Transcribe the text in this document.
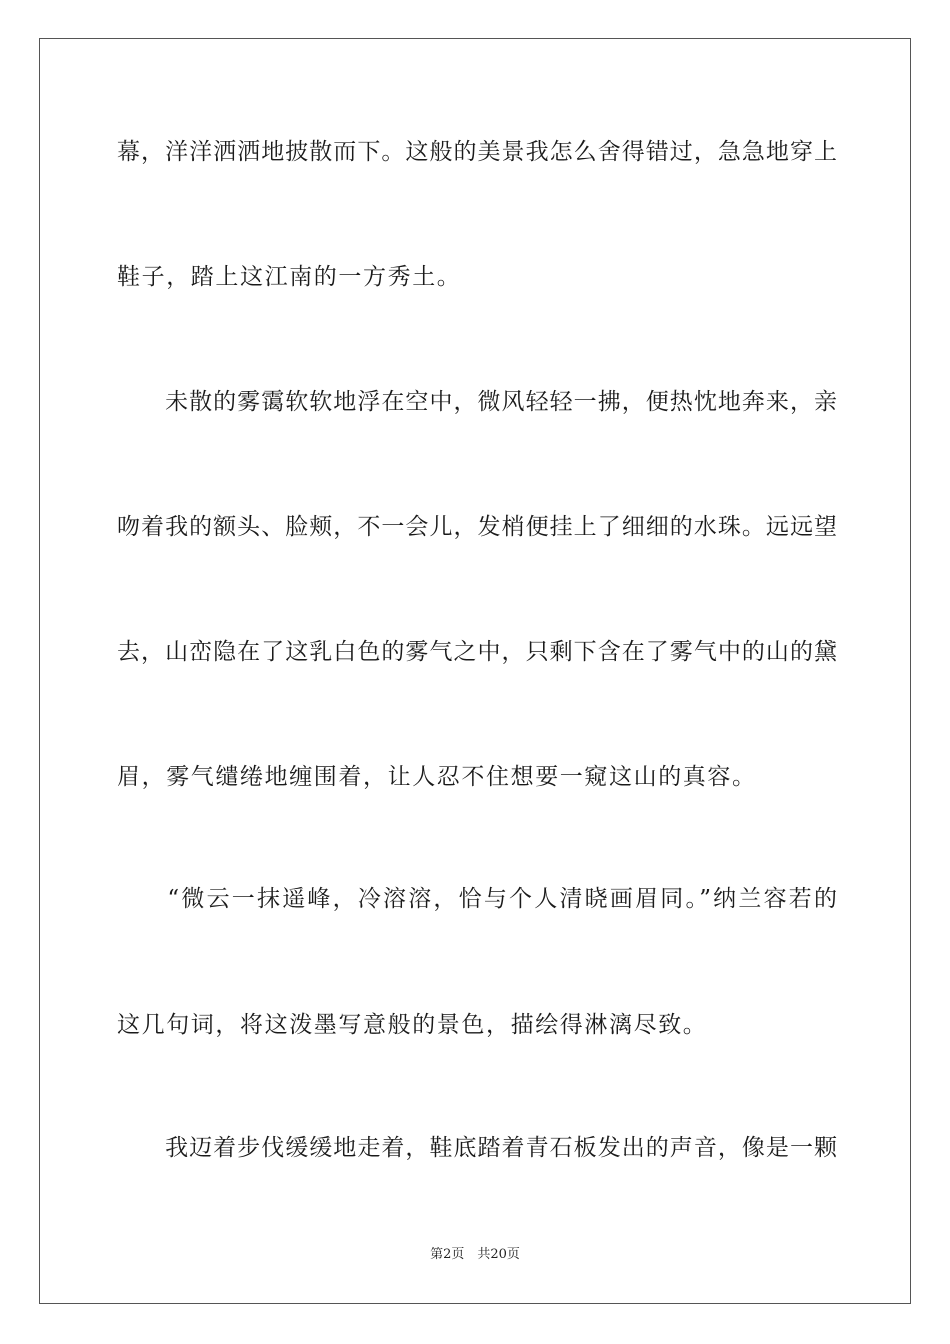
幕，洋洋洒洒地披散而下。这般的美景我怎么舍得错过，急急地穿上
鞋子，踏上这江南的一方秀土。
　　未散的雾霭软软地浮在空中，微风轻轻一拂，便热忱地奔来，亲
吻着我的额头、脸颊，不一会儿，发梢便挂上了细细的水珠。远远望
去，山峦隐在了这乳白色的雾气之中，只剩下含在了雾气中的山的黛
眉，雾气缱绻地缠围着，让人忍不住想要一窥这山的真容。
　　“微云一抹遥峰，冷溶溶，恰与个人清晓画眉同。”纳兰容若的
这几句词，将这泼墨写意般的景色，描绘得淋漓尽致。
　　我迈着步伐缓缓地走着，鞋底踏着青石板发出的声音，像是一颗
第2页　共20页
